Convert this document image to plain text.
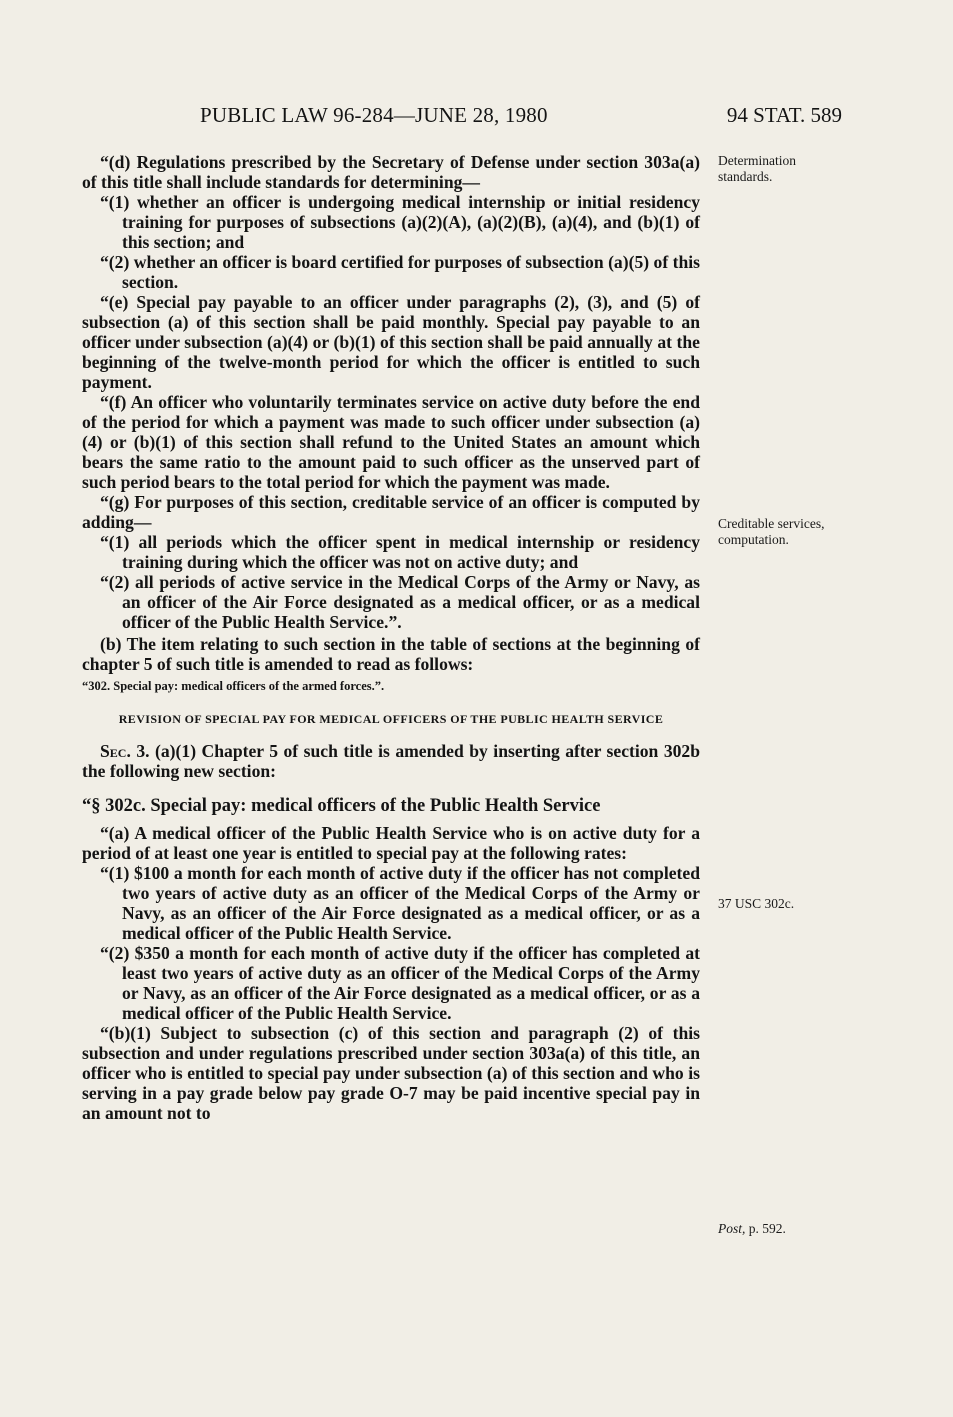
PUBLIC LAW 96-284—JUNE 28, 1980	94 STAT. 589

“(d) Regulations prescribed by the Secretary of Defense under section 303a(a) of this title shall include standards for determining—

“(1) whether an officer is undergoing medical internship or initial residency training for purposes of subsections (a)(2)(A), (a)(2)(B), (a)(4), and (b)(1) of this section; and

“(2) whether an officer is board certified for purposes of subsection (a)(5) of this section.

“(e) Special pay payable to an officer under paragraphs (2), (3), and (5) of subsection (a) of this section shall be paid monthly. Special pay payable to an officer under subsection (a)(4) or (b)(1) of this section shall be paid annually at the beginning of the twelve-month period for which the officer is entitled to such payment.

“(f) An officer who voluntarily terminates service on active duty before the end of the period for which a payment was made to such officer under subsection (a)(4) or (b)(1) of this section shall refund to the United States an amount which bears the same ratio to the amount paid to such officer as the unserved part of such period bears to the total period for which the payment was made.

“(g) For purposes of this section, creditable service of an officer is computed by adding—

“(1) all periods which the officer spent in medical internship or residency training during which the officer was not on active duty; and

“(2) all periods of active service in the Medical Corps of the Army or Navy, as an officer of the Air Force designated as a medical officer, or as a medical officer of the Public Health Service.”.

(b) The item relating to such section in the table of sections at the beginning of chapter 5 of such title is amended to read as follows:

“302. Special pay: medical officers of the armed forces.”.

REVISION OF SPECIAL PAY FOR MEDICAL OFFICERS OF THE PUBLIC HEALTH SERVICE

Sec. 3. (a)(1) Chapter 5 of such title is amended by inserting after section 302b the following new section:

“§ 302c. Special pay: medical officers of the Public Health Service

“(a) A medical officer of the Public Health Service who is on active duty for a period of at least one year is entitled to special pay at the following rates:

“(1) $100 a month for each month of active duty if the officer has not completed two years of active duty as an officer of the Medical Corps of the Army or Navy, as an officer of the Air Force designated as a medical officer, or as a medical officer of the Public Health Service.

“(2) $350 a month for each month of active duty if the officer has completed at least two years of active duty as an officer of the Medical Corps of the Army or Navy, as an officer of the Air Force designated as a medical officer, or as a medical officer of the Public Health Service.

“(b)(1) Subject to subsection (c) of this section and paragraph (2) of this subsection and under regulations prescribed under section 303a(a) of this title, an officer who is entitled to special pay under subsection (a) of this section and who is serving in a pay grade below pay grade O-7 may be paid incentive special pay in an amount not to

Determination standards.
Creditable services, computation.
37 USC 302c.
Post, p. 592.
